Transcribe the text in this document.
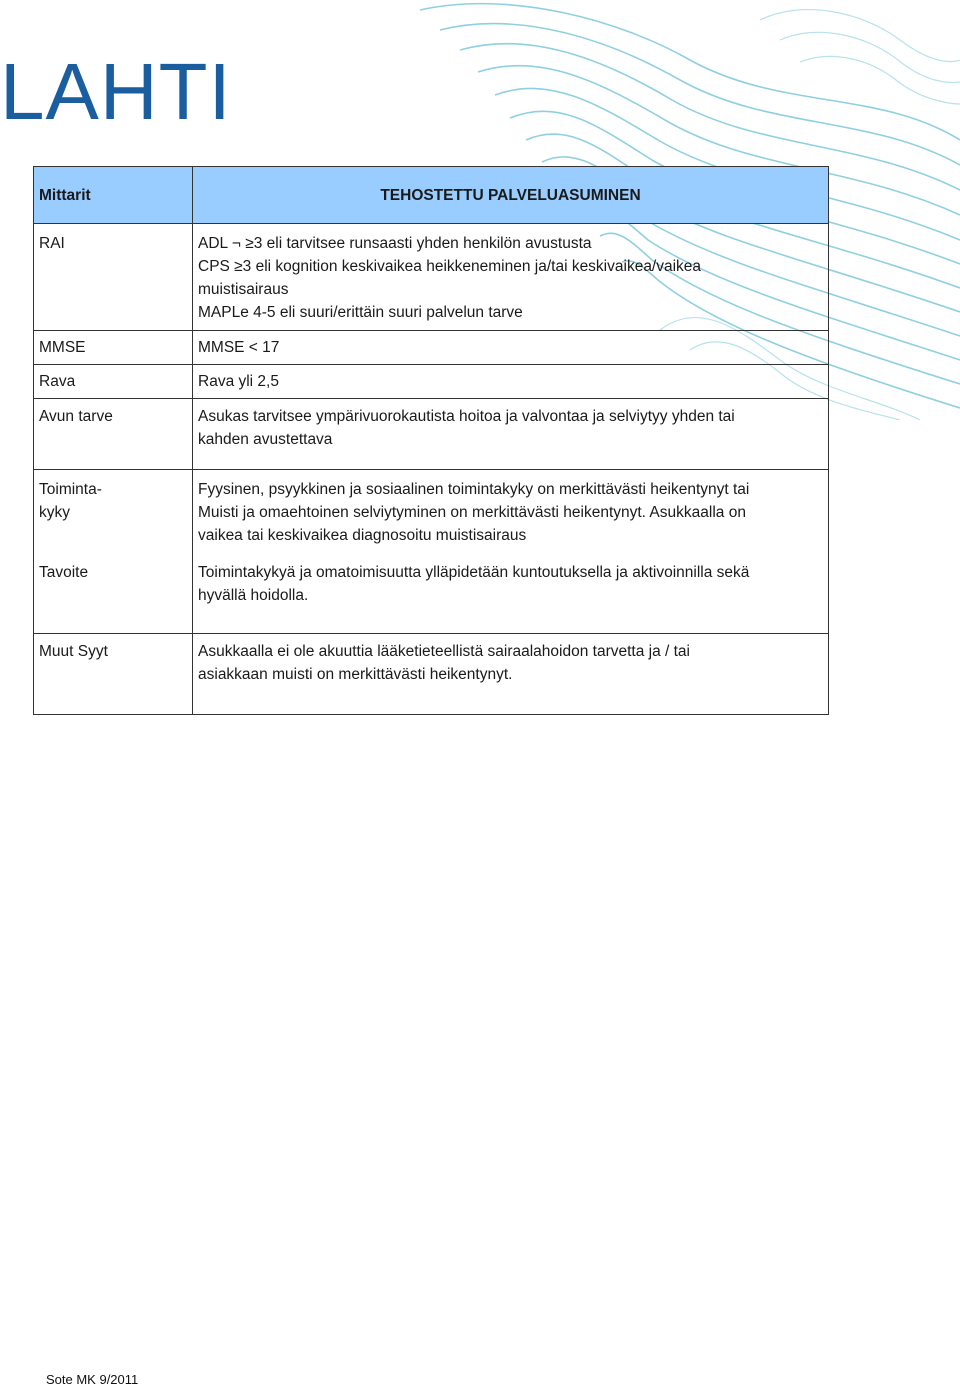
LAHTI
Mittarit	TEHOSTETTU PALVELUASUMINEN
RAI	ADL ¬ ≥3 eli tarvitsee runsaasti yhden henkilön avustusta
CPS ≥3 eli kognition keskivaikea heikkeneminen ja/tai keskivaikea/vaikea
muistisairaus
MAPLe 4-5 eli suuri/erittäin suuri palvelun tarve

MMSE	MMSE < 17
Rava	Rava yli 2,5
Avun tarve	Asukas tarvitsee ympärivuorokautista hoitoa ja valvontaa ja selviytyy yhden tai
kahden avustettava

Toiminta-
kyky	Fyysinen, psyykkinen ja sosiaalinen toimintakyky on merkittävästi heikentynyt tai
Muisti ja omaehtoinen selviytyminen on merkittävästi heikentynyt. Asukkaalla on
vaikea tai keskivaikea diagnosoitu muistisairaus

Tavoite	Toimintakykyä ja omatoimisuutta ylläpidetään kuntoutuksella ja aktivoinnilla sekä
hyvällä hoidolla.

Muut Syyt	Asukkaalla ei ole akuuttia lääketieteellistä sairaalahoidon tarvetta ja / tai
asiakkaan muisti on merkittävästi heikentynyt.
Sote MK 9/2011
